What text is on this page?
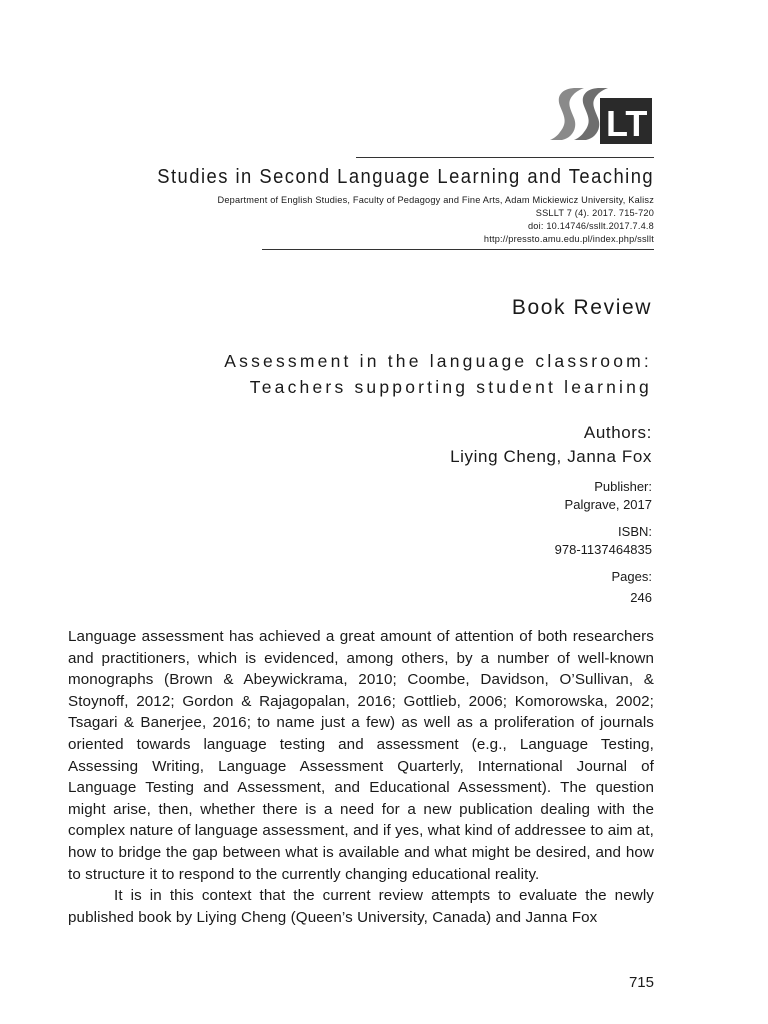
LT
Studies in Second Language Learning and Teaching
Department of English Studies, Faculty of Pedagogy and Fine Arts, Adam Mickiewicz University, Kalisz
SSLLT 7 (4). 2017. 715-720
doi: 10.14746/ssllt.2017.7.4.8
http://pressto.amu.edu.pl/index.php/ssllt
Book Review
Assessment in the language classroom:
Teachers supporting student learning
Authors:
Liying Cheng, Janna Fox
Publisher:
Palgrave, 2017
ISBN:
978-1137464835
Pages:
246

Language assessment has achieved a great amount of attention of both researchers and practitioners, which is evidenced, among others, by a number of well-known monographs (Brown & Abeywickrama, 2010; Coombe, Davidson, O’Sullivan, & Stoynoff, 2012; Gordon & Rajagopalan, 2016; Gottlieb, 2006; Komorowska, 2002; Tsagari & Banerjee, 2016; to name just a few) as well as a proliferation of journals oriented towards language testing and assessment (e.g., Language Testing, Assessing Writing, Language Assessment Quarterly, International Journal of Language Testing and Assessment, and Educational Assessment). The question might arise, then, whether there is a need for a new publication dealing with the complex nature of language assessment, and if yes, what kind of addressee to aim at, how to bridge the gap between what is available and what might be desired, and how to structure it to respond to the currently changing educational reality.

It is in this context that the current review attempts to evaluate the newly published book by Liying Cheng (Queen’s University, Canada) and Janna Fox

715
